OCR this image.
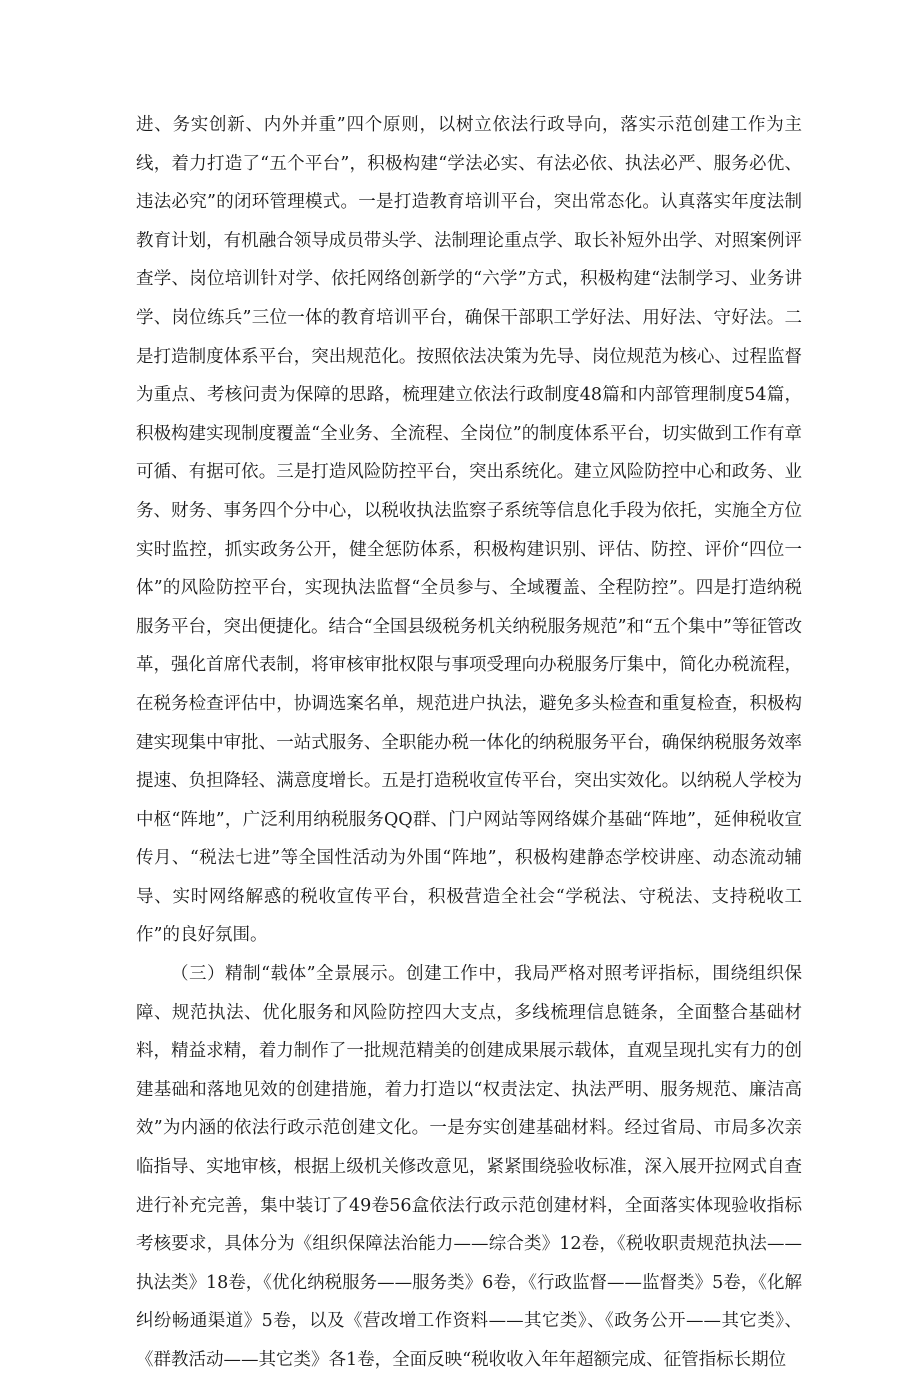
进、务实创新、内外并重”四个原则，以树立依法行政导向，落实示范创建工作为主线，着力打造了“五个平台”，积极构建“学法必实、有法必依、执法必严、服务必优、违法必究”的闭环管理模式。一是打造教育培训平台，突出常态化。认真落实年度法制教育计划，有机融合领导成员带头学、法制理论重点学、取长补短外出学、对照案例评查学、岗位培训针对学、依托网络创新学的“六学”方式，积极构建“法制学习、业务讲学、岗位练兵”三位一体的教育培训平台，确保干部职工学好法、用好法、守好法。二是打造制度体系平台，突出规范化。按照依法决策为先导、岗位规范为核心、过程监督为重点、考核问责为保障的思路，梳理建立依法行政制度48篇和内部管理制度54篇，积极构建实现制度覆盖“全业务、全流程、全岗位”的制度体系平台，切实做到工作有章可循、有据可依。三是打造风险防控平台，突出系统化。建立风险防控中心和政务、业务、财务、事务四个分中心，以税收执法监察子系统等信息化手段为依托，实施全方位实时监控，抓实政务公开，健全惩防体系，积极构建识别、评估、防控、评价“四位一体”的风险防控平台，实现执法监督“全员参与、全域覆盖、全程防控”。四是打造纳税服务平台，突出便捷化。结合“全国县级税务机关纳税服务规范”和“五个集中”等征管改革，强化首席代表制，将审核审批权限与事项受理向办税服务厅集中，简化办税流程，在税务检查评估中，协调选案名单，规范进户执法，避免多头检查和重复检查，积极构建实现集中审批、一站式服务、全职能办税一体化的纳税服务平台，确保纳税服务效率提速、负担降轻、满意度增长。五是打造税收宣传平台，突出实效化。以纳税人学校为中枢“阵地”，广泛利用纳税服务QQ群、门户网站等网络媒介基础“阵地”，延伸税收宣传月、“税法七进”等全国性活动为外围“阵地”，积极构建静态学校讲座、动态流动辅导、实时网络解惑的税收宣传平台，积极营造全社会“学税法、守税法、支持税收工作”的良好氛围。

（三）精制“载体”全景展示。创建工作中，我局严格对照考评指标，围绕组织保障、规范执法、优化服务和风险防控四大支点，多线梳理信息链条，全面整合基础材料，精益求精，着力制作了一批规范精美的创建成果展示载体，直观呈现扎实有力的创建基础和落地见效的创建措施，着力打造以“权责法定、执法严明、服务规范、廉洁高效”为内涵的依法行政示范创建文化。一是夯实创建基础材料。经过省局、市局多次亲临指导、实地审核，根据上级机关修改意见，紧紧围绕验收标准，深入展开拉网式自查进行补充完善，集中装订了49卷56盒依法行政示范创建材料，全面落实体现验收指标考核要求，具体分为《组织保障法治能力——综合类》12卷，《税收职责规范执法——执法类》18卷，《优化纳税服务——服务类》6卷，《行政监督——监督类》5卷，《化解纠纷畅通渠道》5卷，以及《营改增工作资料——其它类》、《政务公开——其它类》、《群教活动——其它类》各1卷，全面反映“税收收入年年超额完成、征管指标长期位
